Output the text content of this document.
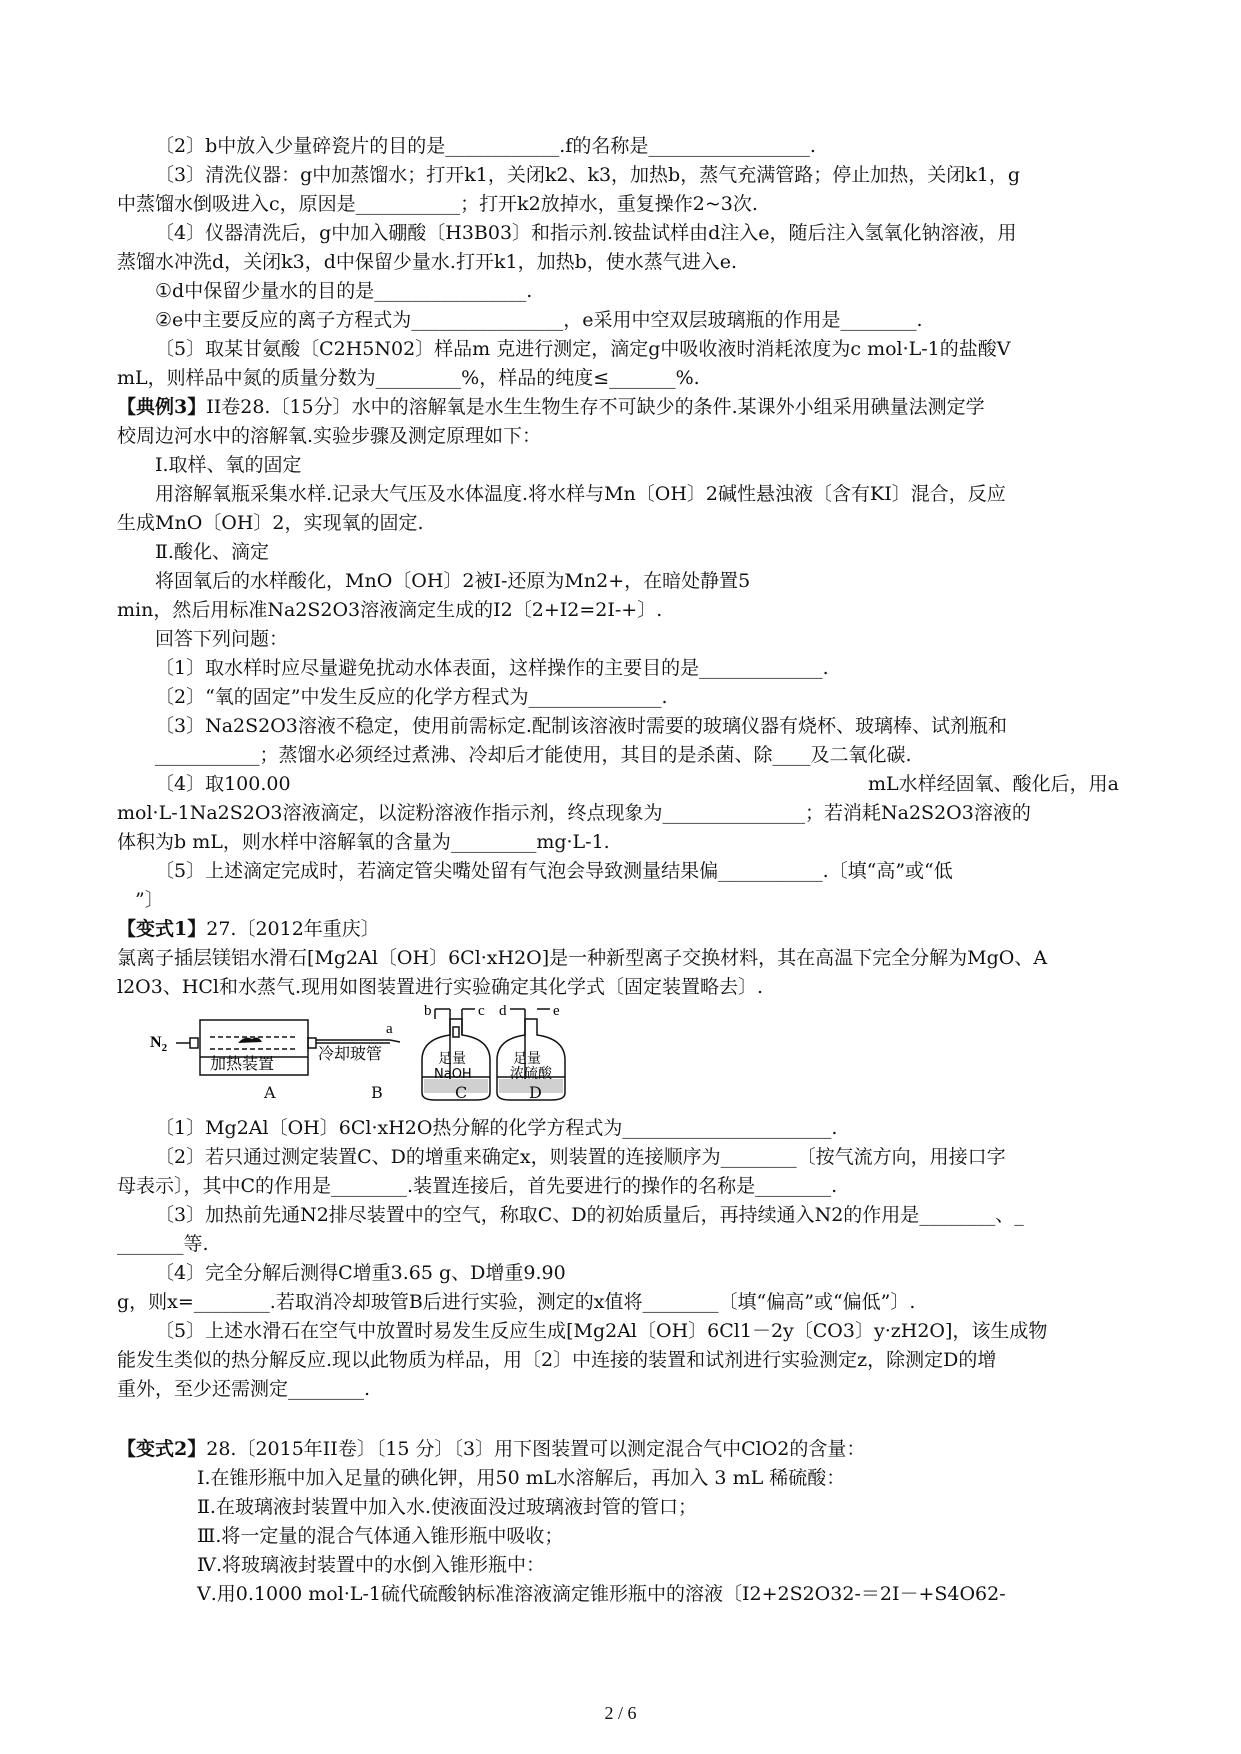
〔2〕b中放入少量碎瓷片的目的是____________.f的名称是_________________.
〔3〕清洗仪器：g中加蒸馏水；打开k1，关闭k2、k3，加热b，蒸气充满管路；停止加热，关闭k1，g
中蒸馏水倒吸进入c，原因是___________；打开k2放掉水，重复操作2~3次.
〔4〕仪器清洗后，g中加入硼酸〔H3B03〕和指示剂.铵盐试样由d注入e，随后注入氢氧化钠溶液，用
蒸馏水冲洗d，关闭k3，d中保留少量水.打开k1，加热b，使水蒸气进入e.
①d中保留少量水的目的是________________.
②e中主要反应的离子方程式为________________，e采用中空双层玻璃瓶的作用是________.
〔5〕取某甘氨酸〔C2H5N02〕样品m 克进行测定，滴定g中吸收液时消耗浓度为c mol·L-1的盐酸V
mL，则样品中氮的质量分数为_________%，样品的纯度≤_______%.
【典例3】II卷28.〔15分〕水中的溶解氧是水生生物生存不可缺少的条件.某课外小组采用碘量法测定学
校周边河水中的溶解氧.实验步骤及测定原理如下：
Ⅰ.取样、氧的固定
用溶解氧瓶采集水样.记录大气压及水体温度.将水样与Mn〔OH〕2碱性悬浊液〔含有KI〕混合，反应
生成MnO〔OH〕2，实现氧的固定.
Ⅱ.酸化、滴定
将固氧后的水样酸化，MnO〔OH〕2被I-还原为Mn2+，在暗处静置5
min，然后用标准Na2S2O3溶液滴定生成的I2〔2+I2=2I-+〕.
回答下列问题：
〔1〕取水样时应尽量避免扰动水体表面，这样操作的主要目的是_____________.
〔2〕“氧的固定”中发生反应的化学方程式为______________.
〔3〕Na2S2O3溶液不稳定，使用前需标定.配制该溶液时需要的玻璃仪器有烧杯、玻璃棒、试剂瓶和
___________；蒸馏水必须经过煮沸、冷却后才能使用，其目的是杀菌、除____及二氧化碳.
〔4〕取100.00	mL水样经固氧、酸化后，用a
mol·L-1Na2S2O3溶液滴定，以淀粉溶液作指示剂，终点现象为_______________；若消耗Na2S2O3溶液的
体积为b mL，则水样中溶解氧的含量为_________mg·L-1.
〔5〕上述滴定完成时，若滴定管尖嘴处留有气泡会导致测量结果偏___________.〔填“高”或“低
”〕
【变式1】27.〔2012年重庆〕
氯离子插层镁铝水滑石[Mg2Al〔OH〕6Cl·xH2O]是一种新型离子交换材料，其在高温下完全分解为MgO、A
l2O3、HCl和水蒸气.现用如图装置进行实验确定其化学式〔固定装置略去〕.
$N_2$
加热装置
冷却玻管
a
b	c d	e
足量
NaOH
足量
浓硫酸
A	B	C	D
〔1〕Mg2Al〔OH〕6Cl·xH2O热分解的化学方程式为______________________.
〔2〕若只通过测定装置C、D的增重来确定x，则装置的连接顺序为________〔按气流方向，用接口字
母表示〕，其中C的作用是________.装置连接后，首先要进行的操作的名称是________.
〔3〕加热前先通N2排尽装置中的空气，称取C、D的初始质量后，再持续通入N2的作用是________、_
_______等.
〔4〕完全分解后测得C增重3.65 g、D增重9.90
g，则x=________.若取消冷却玻管B后进行实验，测定的x值将________〔填“偏高”或“偏低”〕.
〔5〕上述水滑石在空气中放置时易发生反应生成[Mg2Al〔OH〕6Cl1－2y〔CO3〕y·zH2O]，该生成物
能发生类似的热分解反应.现以此物质为样品，用〔2〕中连接的装置和试剂进行实验测定z，除测定D的增
重外，至少还需测定________.
【变式2】28.〔2015年II卷〕〔15 分〕〔3〕用下图装置可以测定混合气中ClO2的含量：
Ⅰ.在锥形瓶中加入足量的碘化钾，用50 mL水溶解后，再加入 3 mL 稀硫酸：
Ⅱ.在玻璃液封装置中加入水.使液面没过玻璃液封管的管口；
Ⅲ.将一定量的混合气体通入锥形瓶中吸收；
Ⅳ.将玻璃液封装置中的水倒入锥形瓶中：
Ⅴ.用0.1000 mol·L-1硫代硫酸钠标准溶液滴定锥形瓶中的溶液〔I2+2S2O32-＝2I－+S4O62-
2 / 6
